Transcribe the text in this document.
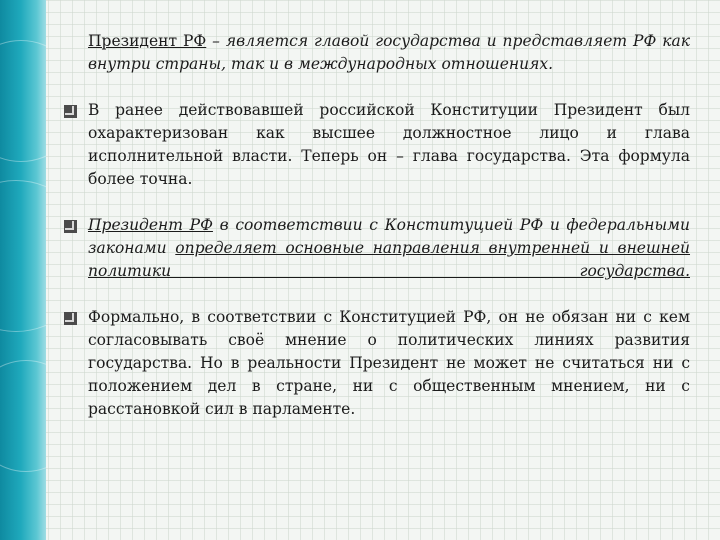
Президент РФ – является главой государства и представляет РФ как внутри страны, так и в международных отношениях.

В ранее действовавшей российской Конституции Президент был охарактеризован как высшее должностное лицо и глава исполнительной власти. Теперь он – глава государства. Эта формула более точна.
Президент РФ в соответствии с Конституцией РФ и федеральными законами определяет основные направления внутренней и внешней политики государства.
Формально, в соответствии с Конституцией РФ, он не обязан ни с кем согласовывать своё мнение о политических линиях развития государства. Но в реальности Президент не может не считаться ни с положением дел в стране, ни с общественным мнением, ни с расстановкой сил в парламенте.
